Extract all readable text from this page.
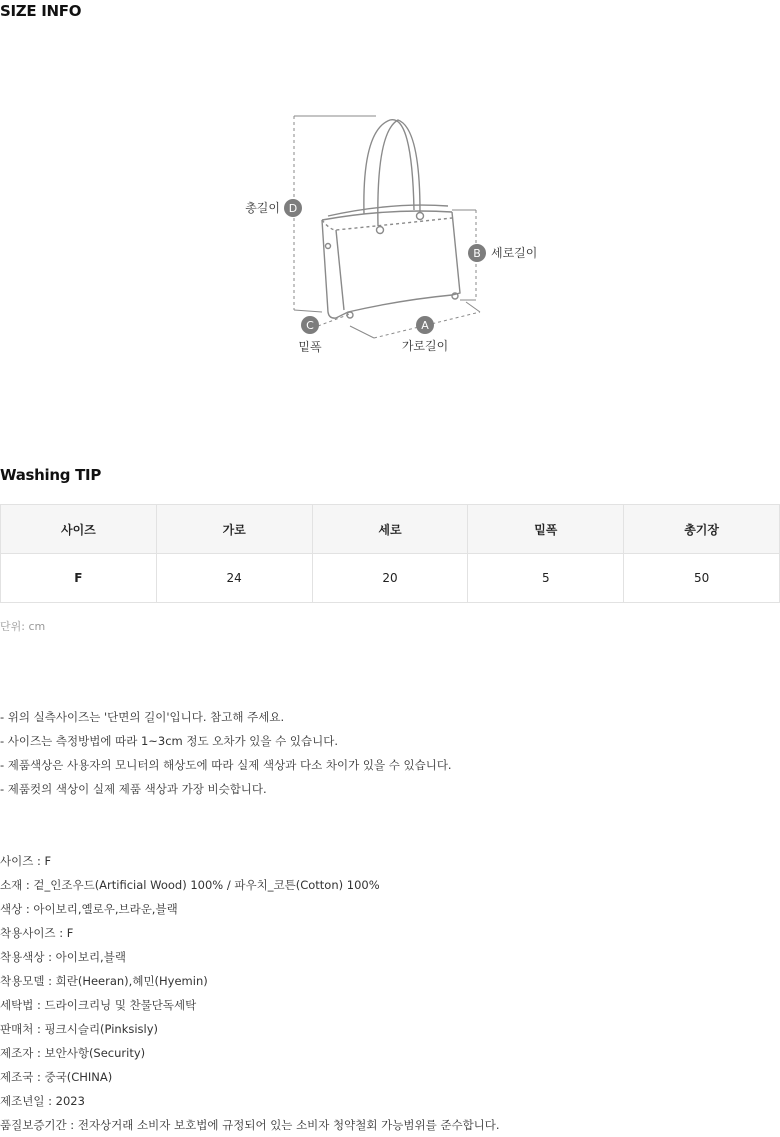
SIZE INFO
D
총길이
B 세로길이
C
밑폭
A
가로길이
Washing TIP
사이즈	가로	세로	밑폭	총기장
F	24	20	5	50
단위: cm
- 위의 실측사이즈는 '단면의 길이'입니다. 참고해 주세요.
- 사이즈는 측정방법에 따라 1~3cm 정도 오차가 있을 수 있습니다.
- 제품색상은 사용자의 모니터의 해상도에 따라 실제 색상과 다소 차이가 있을 수 있습니다.
- 제품컷의 색상이 실제 제품 색상과 가장 비슷합니다.
사이즈 : F
소재 : 겉_인조우드(Artificial Wood) 100% / 파우치_코튼(Cotton) 100%
색상 : 아이보리,옐로우,브라운,블랙
착용사이즈 : F
착용색상 : 아이보리,블랙
착용모델 : 희란(Heeran),혜민(Hyemin)
세탁법 : 드라이크리닝 및 찬물단독세탁
판매처 : 핑크시슬리(Pinksisly)
제조자 : 보안사항(Security)
제조국 : 중국(CHINA)
제조년일 : 2023
품질보증기간 : 전자상거래 소비자 보호법에 규정되어 있는 소비자 청약철회 가능범위를 준수합니다.
